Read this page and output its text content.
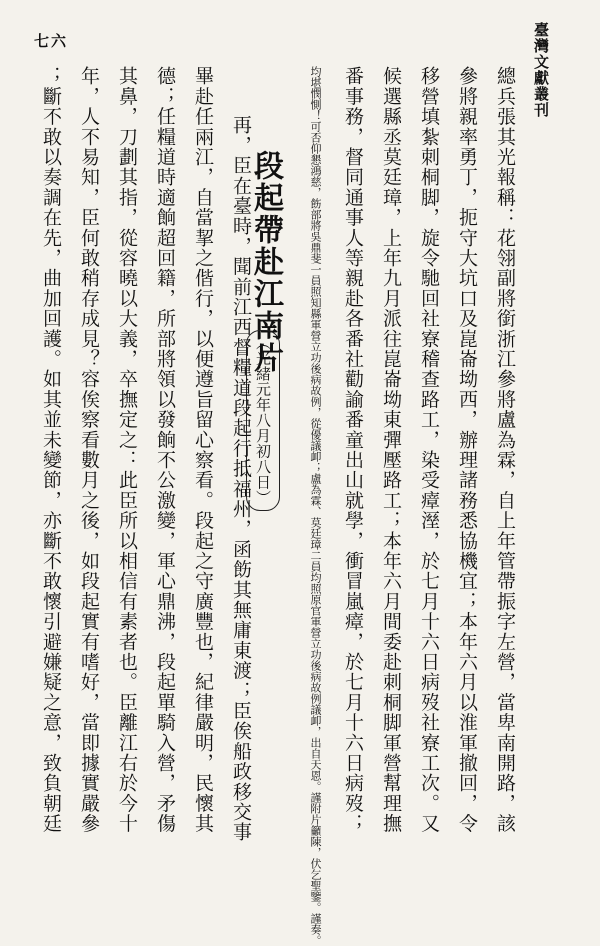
臺灣文獻叢刊
七六
總兵張其光報稱：花翎副將銜浙江參將盧為霖，自上年管帶振字左營，當卑南開路，該
參將親率勇丁，扼守大坑口及崑崙坳西，辦理諸務悉協機宜；本年六月以淮軍撤回，令
移營填紮刺桐脚，旋令馳回社寮稽查路工，染受瘴溼，於七月十六日病歿社寮工次。又
候選縣丞莫廷璋，上年九月派往崑崙坳東彈壓路工；本年六月間委赴刺桐脚軍營幫理撫
番事務，督同通事人等親赴各番社勸諭番童出山就學，衝冒嵐瘴，於七月十六日病歿；
均堪憫惻！可否仰懇鴻慈，飭部將吳鼎斐一員照知縣軍營立功後病故例，從優議卹；盧為霖、莫廷璋二員均照原官軍營立功後病故例議卹，出自天恩。謹附片籲陳，伏乞聖鑒。謹奏。
段起帶赴江南片
（光緒元年八月初八日）
再，臣在臺時，聞前江西督糧道段起行抵福州，函飭其無庸東渡；臣俟船政移交事
畢赴任兩江，自當挈之偕行，以便遵旨留心察看。段起之守廣豐也，紀律嚴明，民懷其
德；任糧道時適餉超回籍，所部將領以發餉不公激變，軍心鼎沸，段起單騎入營，矛傷
其鼻，刀劃其指，從容曉以大義，卒撫定之：此臣所以相信有素者也。臣離江右於今十
年，人不易知，臣何敢稍存成見？容俟察看數月之後，如段起實有嗜好，當即據實嚴參
；斷不敢以奏調在先，曲加回護。如其並未變節，亦斷不敢懷引避嫌疑之意，致負朝廷
